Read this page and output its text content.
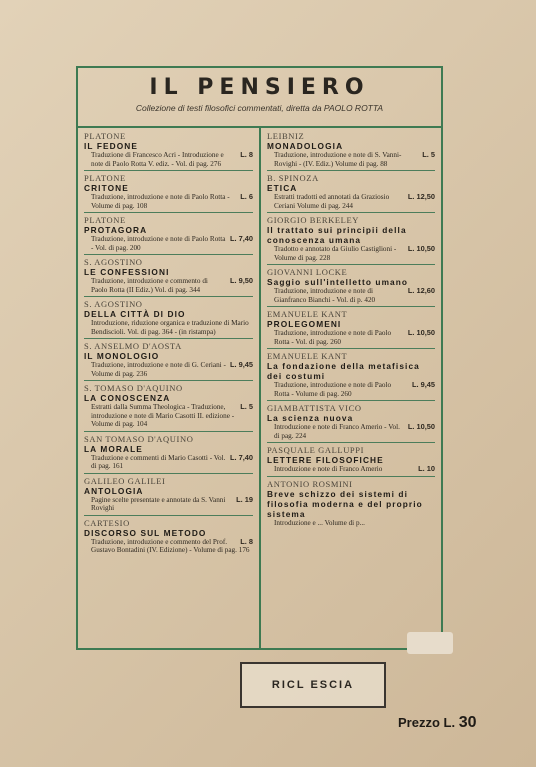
IL PENSIERO
Collezione di testi filosofici commentati, diretta da PAOLO ROTTA
PLATONE
IL FEDONE
L. 8
Traduzione di Francesco Acri - Introduzione e note di Paolo Rotta V. ediz. - Vol. di pag. 276
PLATONE
CRITONE
L. 6
Traduzione, introduzione e note di Paolo Rotta - Volume di pag. 108
PLATONE
PROTAGORA
L. 7,40
Traduzione, introduzione e note di Paolo Rotta - Vol. di pag. 200
S. AGOSTINO
LE CONFESSIONI
L. 9,50
Traduzione, introduzione e commento di Paolo Rotta (II Ediz.) Vol. di pag. 344
S. AGOSTINO
DELLA CITTÀ DI DIO
Introduzione, riduzione organica e traduzione di Mario Bendiscioli. Vol. di pag. 364 - (in ristampa)
S. ANSELMO D'AOSTA
IL MONOLOGIO
L. 9,45
Traduzione, introduzione e note di G. Ceriani - Volume di pag. 236
S. TOMASO D'AQUINO
LA CONOSCENZA
L. 5
Estratti dalla Summa Theologica - Traduzione, introduzione e note di Mario Casotti II. edizione - Volume di pag. 104
SAN TOMASO D'AQUINO
LA MORALE
L. 7,40
Traduzione e commenti di Mario Casotti - Vol. di pag. 161
GALILEO GALILEI
ANTOLOGIA
L. 19
Pagine scelte presentate e annotate da S. Vanni Rovighi
CARTESIO
DISCORSO SUL METODO
L. 8
Traduzione, introduzione e commento del Prof. Gustavo Bontadini (IV. Edizione) - Volume di pag. 176
LEIBNIZ
MONADOLOGIA
L. 5
Traduzione, introduzione e note di S. Vanni-Rovighi - (IV. Ediz.) Volume di pag. 88
B. SPINOZA
ETICA
L. 12,50
Estratti tradotti ed annotati da Graziosio Ceriani Volume di pag. 244
GIORGIO BERKELEY
Il trattato sui principii della conoscenza umana
L. 10,50
Tradotto e annotato da Giulio Castiglioni - Volume di pag. 228
GIOVANNI LOCKE
Saggio sull'intelletto umano
L. 12,60
Traduzione, introduzione e note di Gianfranco Bianchi - Vol. di p. 420
EMANUELE KANT
PROLEGOMENI
L. 10,50
Traduzione, introduzione e note di Paolo Rotta - Vol. di pag. 260
EMANUELE KANT
La fondazione della metafisica dei costumi
L. 9,45
Traduzione, introduzione e note di Paolo Rotta - Volume di pag. 260
GIAMBATTISTA VICO
La scienza nuova
L. 10,50
Introduzione e note di Franco Amerio - Vol. di pag. 224
PASQUALE GALLUPPI
LETTERE FILOSOFICHE
L. 10
Introduzione e note di Franco Amerio
ANTONIO ROSMINI
Breve schizzo dei sistemi di filosofia moderna e del proprio sistema
Introduzione e ... Volume di p...
RICL ESCIA
Prezzo L. 30
